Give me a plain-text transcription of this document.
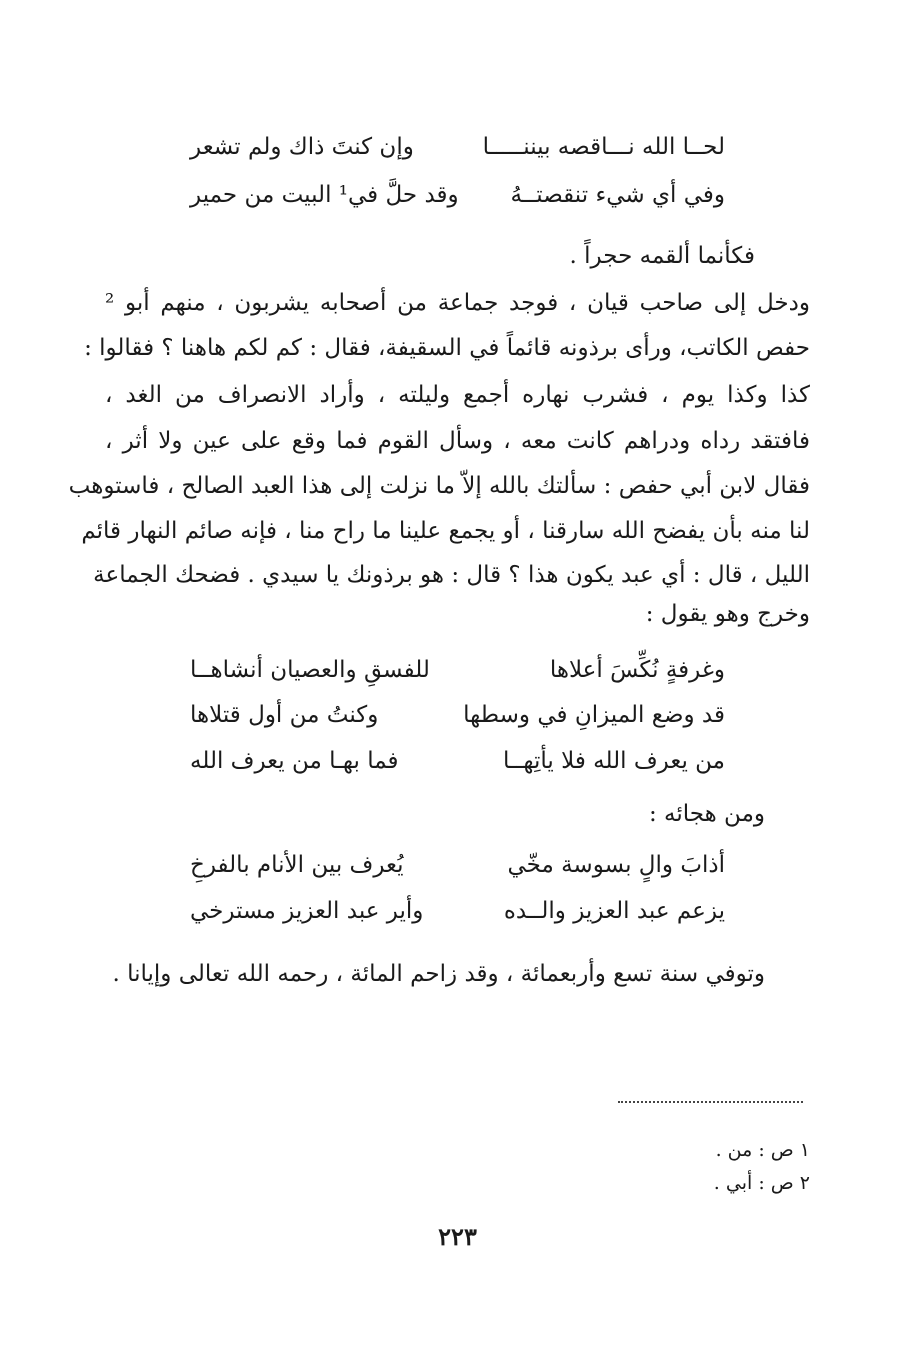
لحــا الله نـــاقصه بيننـــــا
وإن كنتَ ذاك ولم تشعر
وفي أي شيء تنقصتــهُ
وقد حلَّ في¹ البيت من حمير
فكأنما ألقمه حجراً .
ودخل إلى صاحب قيان ، فوجد جماعة من أصحابه يشربون ، منهم أبو ²
حفص الكاتب، ورأى برذونه قائماً في السقيفة، فقال : كم لكم هاهنا ؟ فقالوا :
كذا وكذا يوم ، فشرب نهاره أجمع وليلته ، وأراد الانصراف من الغد ،
فافتقد رداه ودراهم كانت معه ، وسأل القوم فما وقع على عين ولا أثر ،
فقال لابن أبي حفص : سألتك بالله إلاّ ما نزلت إلى هذا العبد الصالح ، فاستوهب
لنا منه بأن يفضح الله سارقنا ، أو يجمع علينا ما راح منا ، فإنه صائم النهار قائم
الليل ، قال : أي عبد يكون هذا ؟ قال : هو برذونك يا سيدي . فضحك الجماعة
وخرج وهو يقول :
وغرفةٍ نُكِّسَ أعلاها
للفسقِ والعصيان أنشاهــا
قد وضع الميزانِ في وسطها
وكنتُ من أول قتلاها
من يعرف الله فلا يأتِهــا
فما بهـا من يعرف الله
ومن هجائه :
أذابَ والٍ بسوسة مخّي
يُعرف بين الأنام بالفرخِ
يزعم عبد العزيز والــده
وأير عبد العزيز مسترخي
وتوفي سنة تسع وأربعمائة ، وقد زاحم المائة ، رحمه الله تعالى وإيانا .
١ ص : من .
٢ ص : أبي .
٢٢٣
